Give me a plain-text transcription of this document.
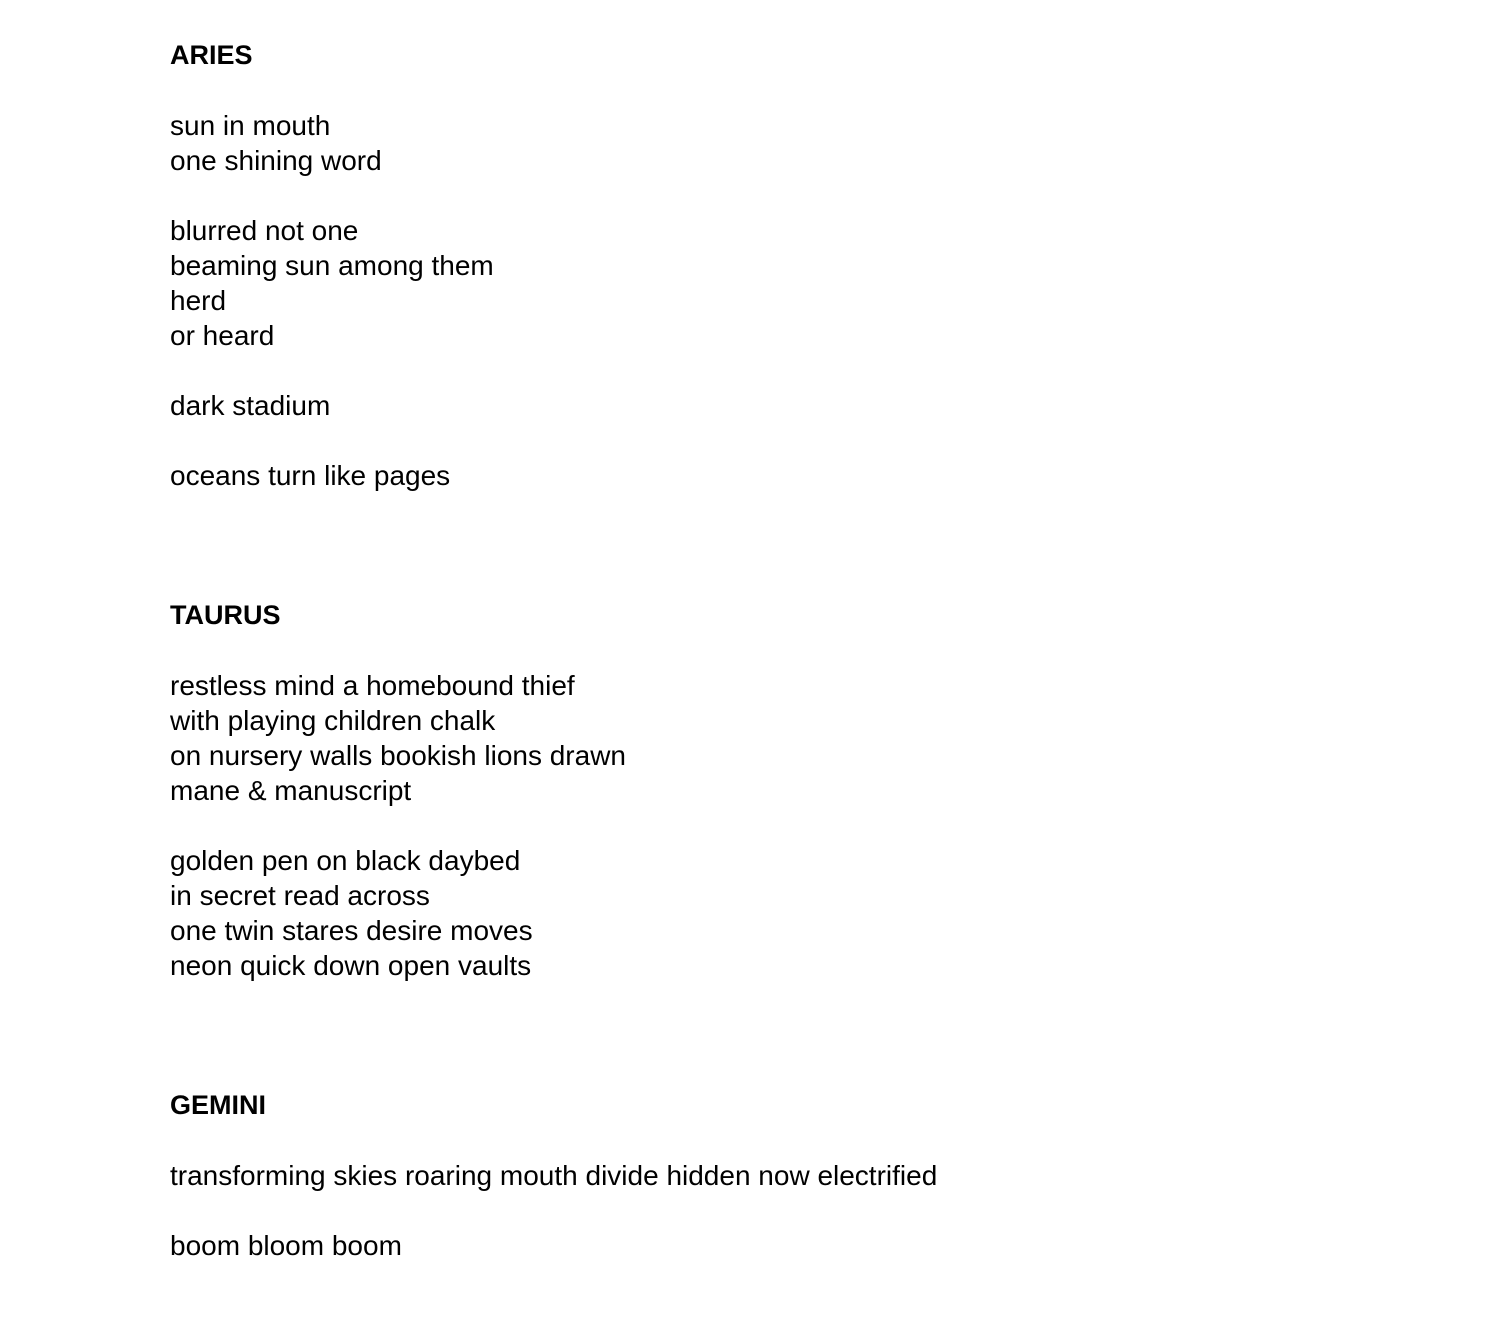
ARIES
sun in mouth
one shining word
blurred not one
beaming sun among them
herd
or heard
dark stadium
oceans turn like pages
TAURUS
restless mind a homebound thief
with playing children chalk
on nursery walls bookish lions drawn
mane & manuscript
golden pen on black daybed
in secret read across
one twin stares desire moves
neon quick down open vaults
GEMINI
transforming skies roaring mouth divide hidden now electrified
boom bloom boom
